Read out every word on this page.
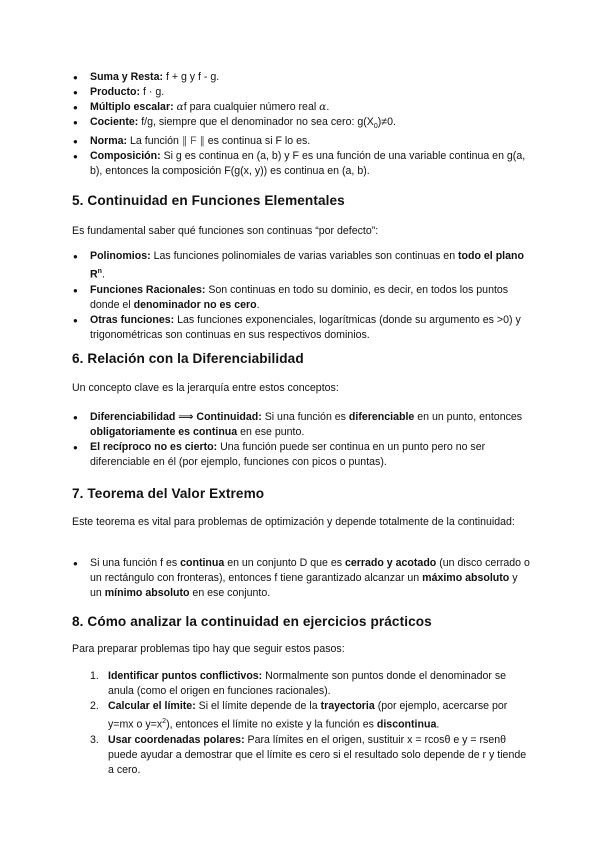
● Suma y Resta: f + g y f - g.
● Producto: f · g.
● Múltiplo escalar: αf para cualquier número real α.
● Cociente: f/g, siempre que el denominador no sea cero: $g(X_0)\ne 0$.
● Norma: La función ∥ F ∥ es continua si F lo es.
● Composición: Si g es continua en (a, b) y F es una función de una variable continua en g(a, b), entonces la composición F(g(x, y)) es continua en (a, b).
5. Continuidad en Funciones Elementales

Es fundamental saber qué funciones son continuas “por defecto”:

● Polinomios: Las funciones polinomiales de varias variables son continuas en todo el plano $R^n$.
● Funciones Racionales: Son continuas en todo su dominio, es decir, en todos los puntos donde el denominador no es cero.
● Otras funciones: Las funciones exponenciales, logarítmicas (donde su argumento es >0) y trigonométricas son continuas en sus respectivos dominios.
6. Relación con la Diferenciabilidad

Un concepto clave es la jerarquía entre estos conceptos:

● Diferenciabilidad ⟹ Continuidad: Si una función es diferenciable en un punto, entonces obligatoriamente es continua en ese punto.
● El recíproco no es cierto: Una función puede ser continua en un punto pero no ser diferenciable en él (por ejemplo, funciones con picos o puntas).
7. Teorema del Valor Extremo

Este teorema es vital para problemas de optimización y depende totalmente de la continuidad:

● Si una función f es continua en un conjunto D que es cerrado y acotado (un disco cerrado o un rectángulo con fronteras), entonces f tiene garantizado alcanzar un máximo absoluto y un mínimo absoluto en ese conjunto.
8. Cómo analizar la continuidad en ejercicios prácticos

Para preparar problemas tipo hay que seguir estos pasos:

1. Identificar puntos conflictivos: Normalmente son puntos donde el denominador se anula (como el origen en funciones racionales).
2. Calcular el límite: Si el límite depende de la trayectoria (por ejemplo, acercarse por y=mx o $y=x^2$), entonces el límite no existe y la función es discontinua.
3. Usar coordenadas polares: Para límites en el origen, sustituir x = rcosθ e y = rsenθ puede ayudar a demostrar que el límite es cero si el resultado solo depende de r y tiende a cero.
